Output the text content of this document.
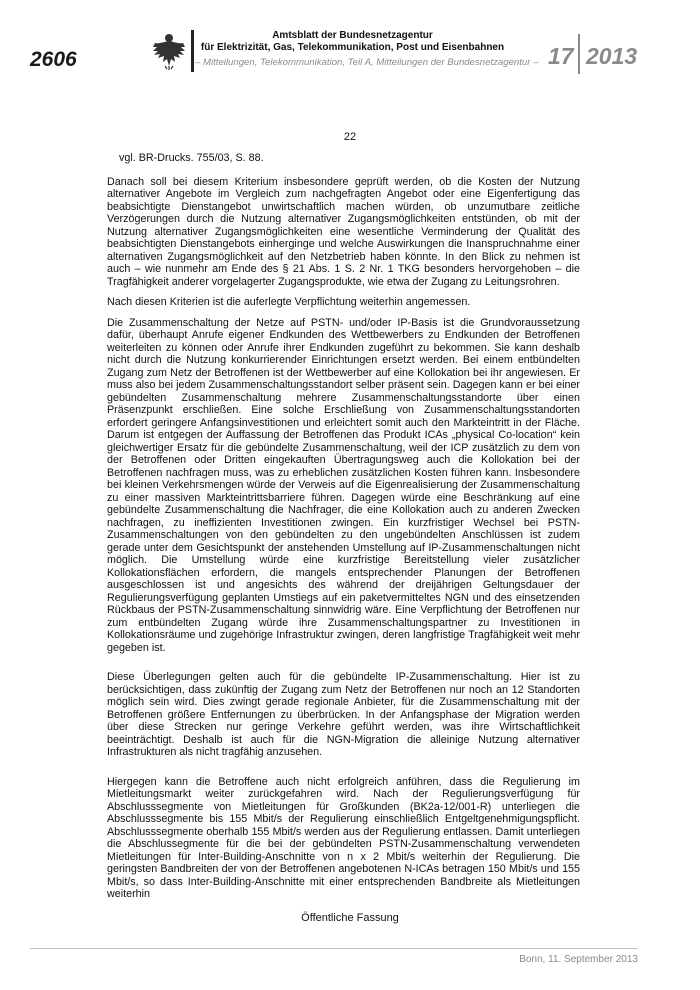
2606
Amtsblatt der Bundesnetzagentur
für Elektrizität, Gas, Telekommunikation, Post und Eisenbahnen
– Mitteilungen, Telekommunikation, Teil A, Mitteilungen der Bundesnetzagentur – 17 2013
22

vgl. BR-Drucks. 755/03, S. 88.

Danach soll bei diesem Kriterium insbesondere geprüft werden, ob die Kosten der Nutzung alternativer Angebote im Vergleich zum nachgefragten Angebot oder eine Eigenfertigung das beabsichtigte Dienstangebot unwirtschaftlich machen würden, ob unzumutbare zeitliche Verzögerungen durch die Nutzung alternativer Zugangsmöglichkeiten entstünden, ob mit der Nutzung alternativer Zugangsmöglichkeiten eine wesentliche Verminderung der Qualität des beabsichtigten Dienstangebots einherginge und welche Auswirkungen die Inanspruchnahme einer alternativen Zugangsmöglichkeit auf den Netzbetrieb haben könnte. In den Blick zu nehmen ist auch – wie nunmehr am Ende des § 21 Abs. 1 S. 2 Nr. 1 TKG besonders hervorgehoben – die Tragfähigkeit anderer vorgelagerter Zugangsprodukte, wie etwa der Zugang zu Leitungsrohren.

Nach diesen Kriterien ist die auferlegte Verpflichtung weiterhin angemessen.

Die Zusammenschaltung der Netze auf PSTN- und/oder IP-Basis ist die Grundvoraussetzung dafür, überhaupt Anrufe eigener Endkunden des Wettbewerbers zu Endkunden der Betroffenen weiterleiten zu können oder Anrufe ihrer Endkunden zugeführt zu bekommen. Sie kann deshalb nicht durch die Nutzung konkurrierender Einrichtungen ersetzt werden. Bei einem entbündelten Zugang zum Netz der Betroffenen ist der Wettbewerber auf eine Kollokation bei ihr angewiesen. Er muss also bei jedem Zusammenschaltungsstandort selber präsent sein. Dagegen kann er bei einer gebündelten Zusammenschaltung mehrere Zusammenschaltungsstandorte über einen Präsenzpunkt erschließen. Eine solche Erschließung von Zusammenschaltungsstandorten erfordert geringere Anfangsinvestitionen und erleichtert somit auch den Markteintritt in der Fläche. Darum ist entgegen der Auffassung der Betroffenen das Produkt ICAs „physical Co-location“ kein gleichwertiger Ersatz für die gebündelte Zusammenschaltung, weil der ICP zusätzlich zu dem von der Betroffenen oder Dritten eingekauften Übertragungsweg auch die Kollokation bei der Betroffenen nachfragen muss, was zu erheblichen zusätzlichen Kosten führen kann. Insbesondere bei kleinen Verkehrsmengen würde der Verweis auf die Eigenrealisierung der Zusammenschaltung zu einer massiven Markteintrittsbarriere führen. Dagegen würde eine Beschränkung auf eine gebündelte Zusammenschaltung die Nachfrager, die eine Kollokation auch zu anderen Zwecken nachfragen, zu ineffizienten Investitionen zwingen. Ein kurzfristiger Wechsel bei PSTN-Zusammenschaltungen von den gebündelten zu den ungebündelten Anschlüssen ist zudem gerade unter dem Gesichtspunkt der anstehenden Umstellung auf IP-Zusammenschaltungen nicht möglich. Die Umstellung würde eine kurzfristige Bereitstellung vieler zusätzlicher Kollokationsflächen erfordern, die mangels entsprechender Planungen der Betroffenen ausgeschlossen ist und angesichts des während der dreijährigen Geltungsdauer der Regulierungsverfügung geplanten Umstiegs auf ein paketvermitteltes NGN und des einsetzenden Rückbaus der PSTN-Zusammenschaltung sinnwidrig wäre. Eine Verpflichtung der Betroffenen nur zum entbündelten Zugang würde ihre Zusammenschaltungspartner zu Investitionen in Kollokationsräume und zugehörige Infrastruktur zwingen, deren langfristige Tragfähigkeit weit mehr gegeben ist.

Diese Überlegungen gelten auch für die gebündelte IP-Zusammenschaltung. Hier ist zu berücksichtigen, dass zukünftig der Zugang zum Netz der Betroffenen nur noch an 12 Standorten möglich sein wird. Dies zwingt gerade regionale Anbieter, für die Zusammenschaltung mit der Betroffenen größere Entfernungen zu überbrücken. In der Anfangsphase der Migration werden über diese Strecken nur geringe Verkehre geführt werden, was ihre Wirtschaftlichkeit beeinträchtigt. Deshalb ist auch für die NGN-Migration die alleinige Nutzung alternativer Infrastrukturen als nicht tragfähig anzusehen.

Hiergegen kann die Betroffene auch nicht erfolgreich anführen, dass die Regulierung im Mietleitungsmarkt weiter zurückgefahren wird. Nach der Regulierungsverfügung für Abschlusssegmente von Mietleitungen für Großkunden (BK2a-12/001-R) unterliegen die Abschlusssegmente bis 155 Mbit/s der Regulierung einschließlich Entgeltgenehmigungspflicht. Abschlusssegmente oberhalb 155 Mbit/s werden aus der Regulierung entlassen. Damit unterliegen die Abschlussegmente für die bei der gebündelten PSTN-Zusammenschaltung verwendeten Mietleitungen für Inter-Building-Anschnitte von n x 2 Mbit/s weiterhin der Regulierung. Die geringsten Bandbreiten der von der Betroffenen angebotenen N-ICAs betragen 150 Mbit/s und 155 Mbit/s, so dass Inter-Building-Anschnitte mit einer entsprechenden Bandbreite als Mietleitungen weiterhin

Öffentliche Fassung
Bonn, 11. September 2013
